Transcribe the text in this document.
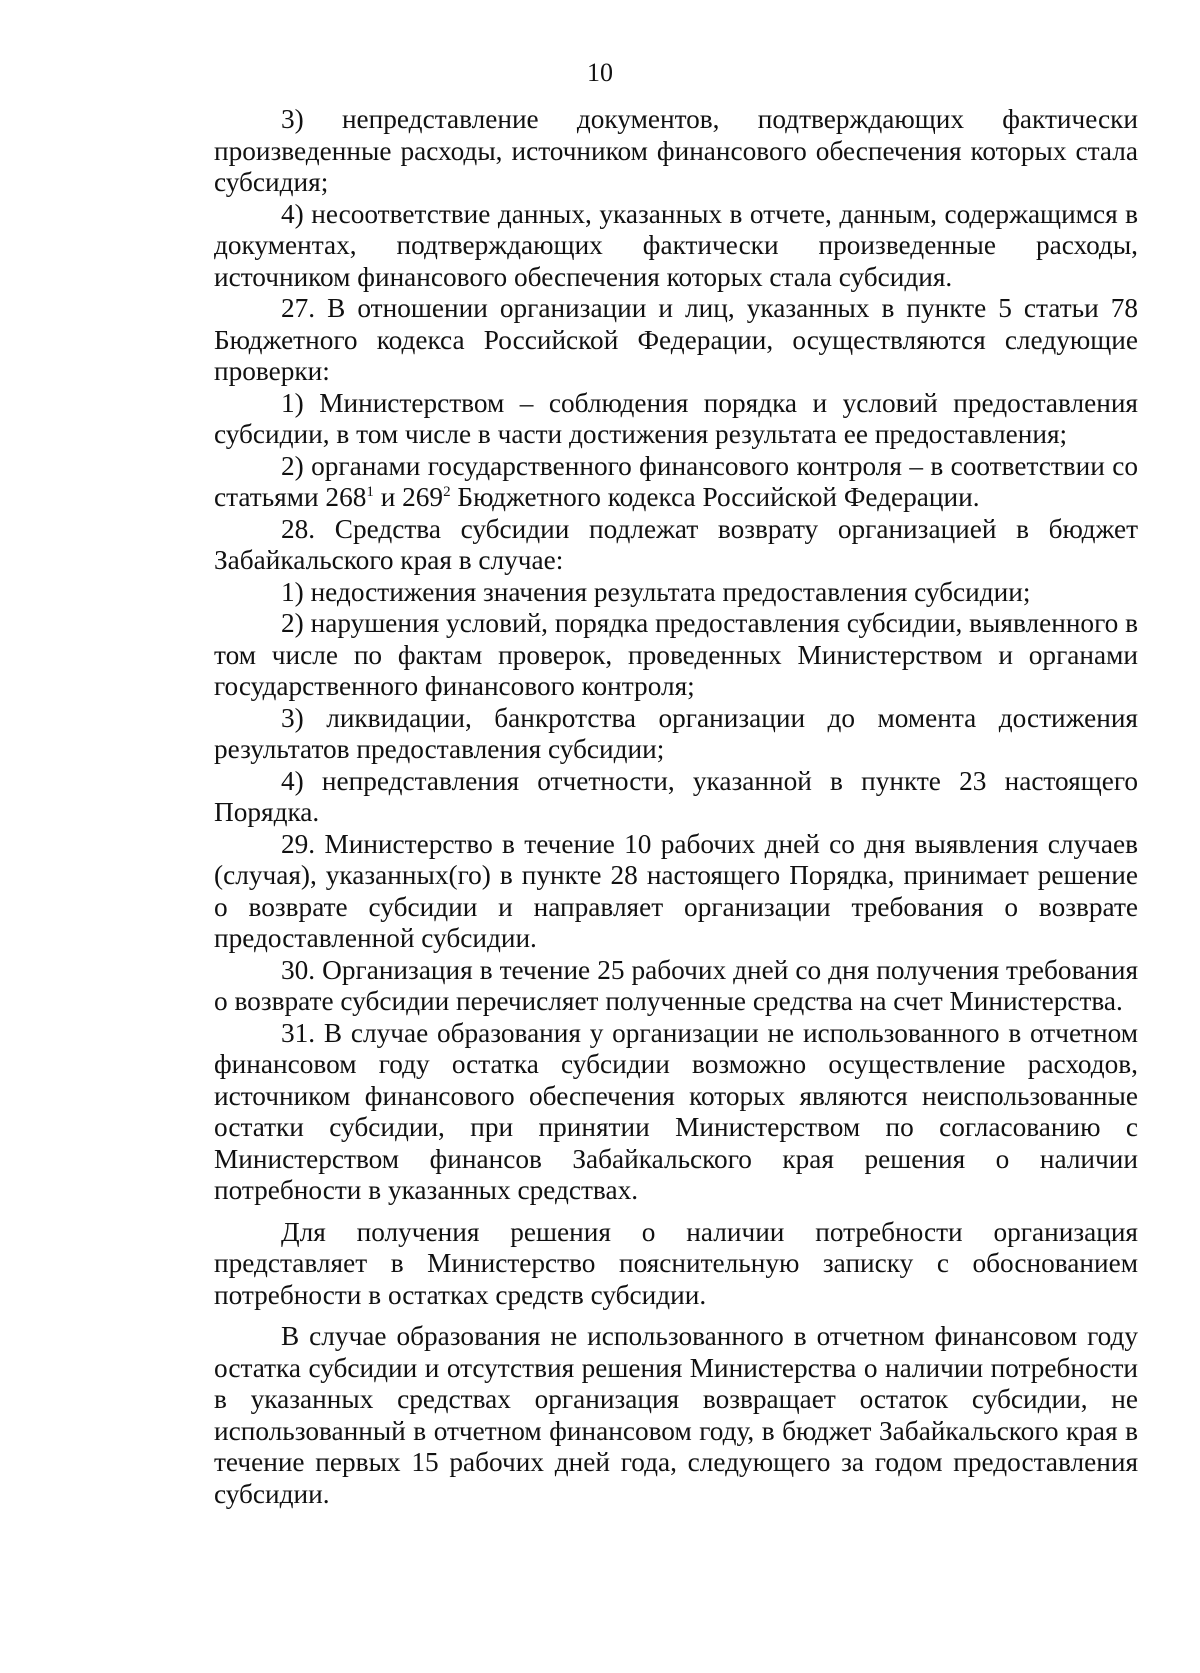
10

3) непредставление документов, подтверждающих фактически произведенные расходы, источником финансового обеспечения которых стала субсидия;

4) несоответствие данных, указанных в отчете, данным, содержащимся в документах, подтверждающих фактически произведенные расходы, источником финансового обеспечения которых стала субсидия.

27. В отношении организации и лиц, указанных в пункте 5 статьи 78 Бюджетного кодекса Российской Федерации, осуществляются следующие проверки:

1) Министерством – соблюдения порядка и условий предоставления субсидии, в том числе в части достижения результата ее предоставления;

2) органами государственного финансового контроля – в соответствии со статьями $268^1$ и $269^2$ Бюджетного кодекса Российской Федерации.

28. Средства субсидии подлежат возврату организацией в бюджет Забайкальского края в случае:

1) недостижения значения результата предоставления субсидии;

2) нарушения условий, порядка предоставления субсидии, выявленного в том числе по фактам проверок, проведенных Министерством и органами государственного финансового контроля;

3) ликвидации, банкротства организации до момента достижения результатов предоставления субсидии;

4) непредставления отчетности, указанной в пункте 23 настоящего Порядка.

29. Министерство в течение 10 рабочих дней со дня выявления случаев (случая), указанных(го) в пункте 28 настоящего Порядка, принимает решение о возврате субсидии и направляет организации требования о возврате предоставленной субсидии.

30. Организация в течение 25 рабочих дней со дня получения требования о возврате субсидии перечисляет полученные средства на счет Министерства.

31. В случае образования у организации не использованного в отчетном финансовом году остатка субсидии возможно осуществление расходов, источником финансового обеспечения которых являются неиспользованные остатки субсидии, при принятии Министерством по согласованию с Министерством финансов Забайкальского края решения о наличии потребности в указанных средствах.

Для получения решения о наличии потребности организация представляет в Министерство пояснительную записку с обоснованием потребности в остатках средств субсидии.

В случае образования не использованного в отчетном финансовом году остатка субсидии и отсутствия решения Министерства о наличии потребности в указанных средствах организация возвращает остаток субсидии, не использованный в отчетном финансовом году, в бюджет Забайкальского края в течение первых 15 рабочих дней года, следующего за годом предоставления субсидии.
